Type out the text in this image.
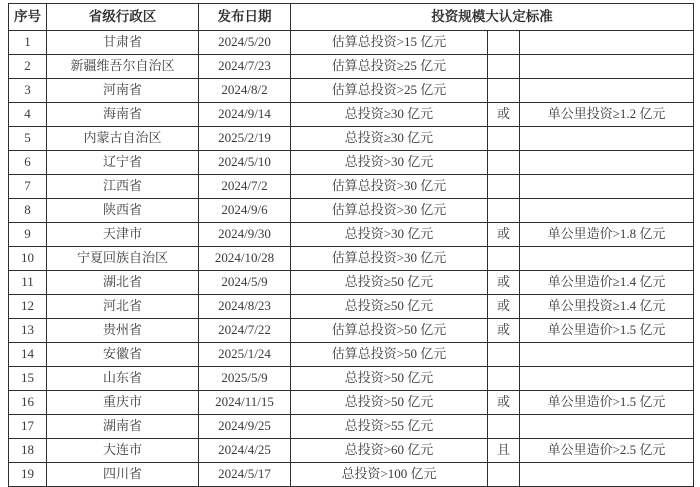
序号	省级行政区	发布日期	投资规模大认定标准		
1	甘肃省	2024/5/20	估算总投资>15 亿元		
2	新疆维吾尔自治区	2024/7/23	估算总投资≥25 亿元		
3	河南省	2024/8/2	估算总投资>25 亿元		
4	海南省	2024/9/14	总投资≥30 亿元	或	单公里投资≥1.2 亿元
5	内蒙古自治区	2025/2/19	总投资≥30 亿元		
6	辽宁省	2024/5/10	总投资>30 亿元		
7	江西省	2024/7/2	估算总投资>30 亿元		
8	陕西省	2024/9/6	估算总投资>30 亿元		
9	天津市	2024/9/30	总投资>30 亿元	或	单公里造价>1.8 亿元
10	宁夏回族自治区	2024/10/28	估算总投资>30 亿元		
11	湖北省	2024/5/9	总投资≥50 亿元	或	单公里造价≥1.4 亿元
12	河北省	2024/8/23	总投资≥50 亿元	或	单公里投资≥1.4 亿元
13	贵州省	2024/7/22	估算总投资>50 亿元	或	单公里造价>1.5 亿元
14	安徽省	2025/1/24	估算总投资>50 亿元		
15	山东省	2025/5/9	总投资>50 亿元		
16	重庆市	2024/11/15	总投资>50 亿元	或	单公里造价>1.5 亿元
17	湖南省	2024/9/25	总投资>55 亿元		
18	大连市	2024/4/25	总投资>60 亿元	且	单公里造价>2.5 亿元
19	四川省	2024/5/17	总投资>100 亿元		
